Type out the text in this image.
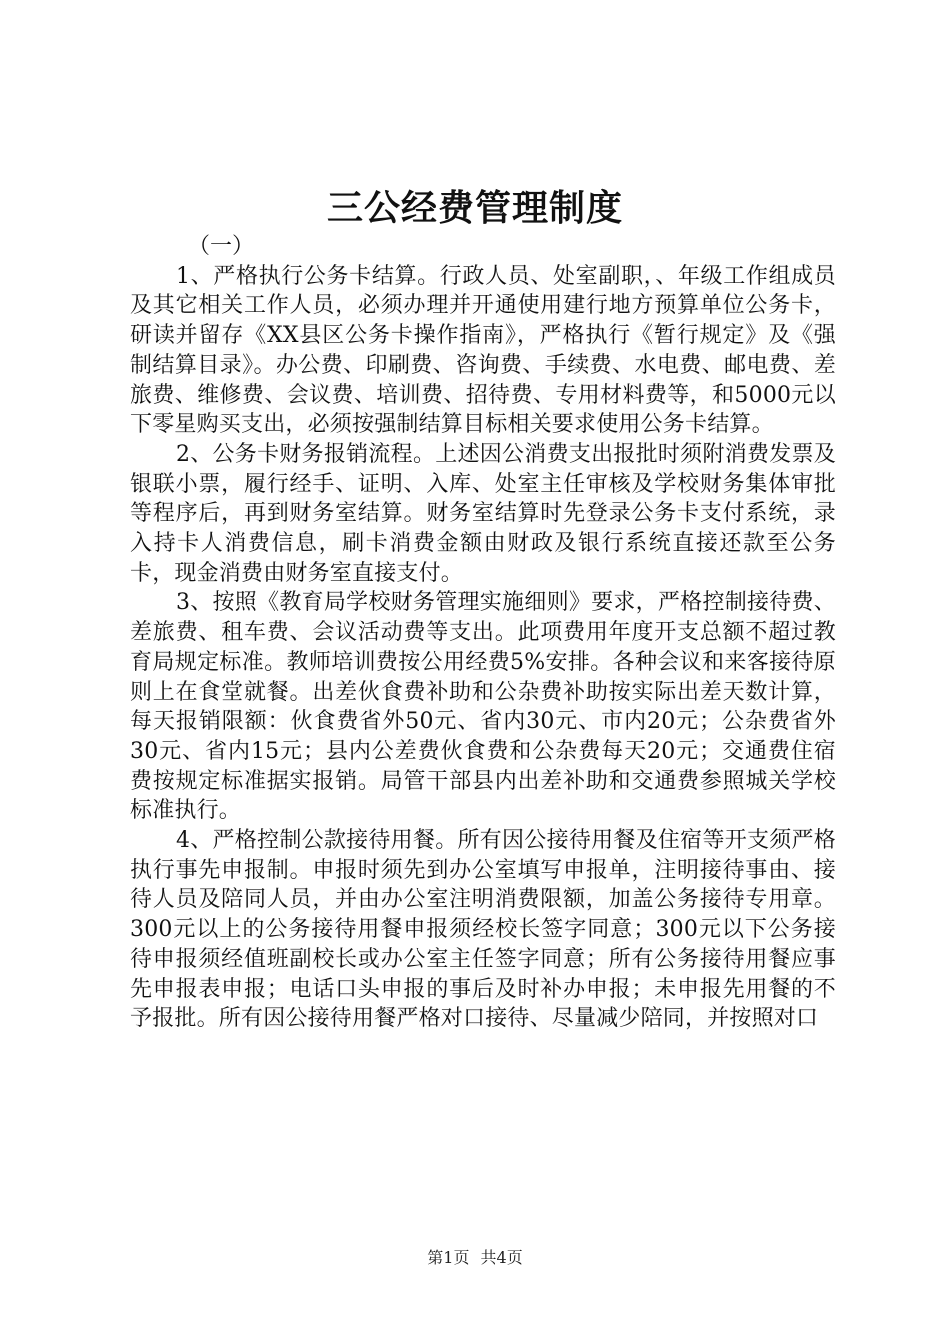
三公经费管理制度

（一）

1、严格执行公务卡结算。行政人员、处室副职，、年级工作组成员及其它相关工作人员，必须办理并开通使用建行地方预算单位公务卡，研读并留存《XX县区公务卡操作指南》，严格执行《暂行规定》及《强制结算目录》。办公费、印刷费、咨询费、手续费、水电费、邮电费、差旅费、维修费、会议费、培训费、招待费、专用材料费等，和5000元以下零星购买支出，必须按强制结算目标相关要求使用公务卡结算。

2、公务卡财务报销流程。上述因公消费支出报批时须附消费发票及银联小票，履行经手、证明、入库、处室主任审核及学校财务集体审批等程序后，再到财务室结算。财务室结算时先登录公务卡支付系统，录入持卡人消费信息，刷卡消费金额由财政及银行系统直接还款至公务卡，现金消费由财务室直接支付。

3、按照《教育局学校财务管理实施细则》要求，严格控制接待费、差旅费、租车费、会议活动费等支出。此项费用年度开支总额不超过教育局规定标准。教师培训费按公用经费5%安排。各种会议和来客接待原则上在食堂就餐。出差伙食费补助和公杂费补助按实际出差天数计算，每天报销限额：伙食费省外50元、省内30元、市内20元；公杂费省外30元、省内15元；县内公差费伙食费和公杂费每天20元；交通费住宿费按规定标准据实报销。局管干部县内出差补助和交通费参照城关学校标准执行。

4、严格控制公款接待用餐。所有因公接待用餐及住宿等开支须严格执行事先申报制。申报时须先到办公室填写申报单，注明接待事由、接待人员及陪同人员，并由办公室注明消费限额，加盖公务接待专用章。300元以上的公务接待用餐申报须经校长签字同意；300元以下公务接待申报须经值班副校长或办公室主任签字同意；所有公务接待用餐应事先申报表申报；电话口头申报的事后及时补办申报；未申报先用餐的不予报批。所有因公接待用餐严格对口接待、尽量减少陪同，并按照对口

第1页 共4页
